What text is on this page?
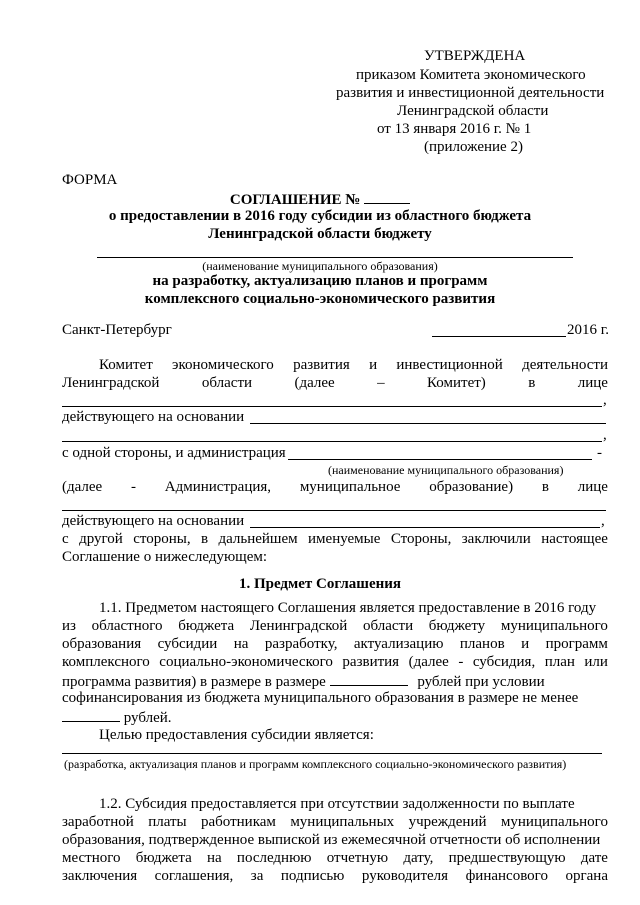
УТВЕРЖДЕНА
приказом Комитета экономического
развития и инвестиционной деятельности
Ленинградской области
от 13 января 2016 г. № 1
(приложение 2)
ФОРМА
СОГЛАШЕНИЕ №
о предоставлении в 2016 году субсидии из областного бюджета
Ленинградской области бюджету
(наименование муниципального образования)
на разработку, актуализацию планов и программ
комплексного социально-экономического развития
Санкт-Петербург	2016 г.
Комитет экономического развития и инвестиционной деятельности
Ленинградской	области	(далее	–	Комитет)	в	лице
,
действующего на основании
,
с одной стороны, и администрация	-
(наименование муниципального образования)
(далее - Администрация, муниципальное образование) в лице
действующего на основании	,
с другой стороны, в дальнейшем именуемые Стороны, заключили настоящее
Соглашение о нижеследующем:
1. Предмет Соглашения
1.1. Предметом настоящего Соглашения является предоставление в 2016 году
из областного бюджета Ленинградской области бюджету муниципального
образования субсидии на разработку, актуализацию планов и программ
комплексного социально-экономического развития (далее - субсидия, план или
программа развития) в размере в размере	рублей при условии
софинансирования из бюджета муниципального образования в размере не менее
рублей.
Целью предоставления субсидии является:
(разработка, актуализация планов и программ комплексного социально-экономического развития)
1.2. Субсидия предоставляется при отсутствии задолженности по выплате
заработной платы работникам муниципальных учреждений муниципального
образования, подтвержденное выпиской из ежемесячной отчетности об исполнении
местного бюджета на последнюю отчетную дату, предшествующую дате
заключения соглашения, за подписью руководителя финансового органа
